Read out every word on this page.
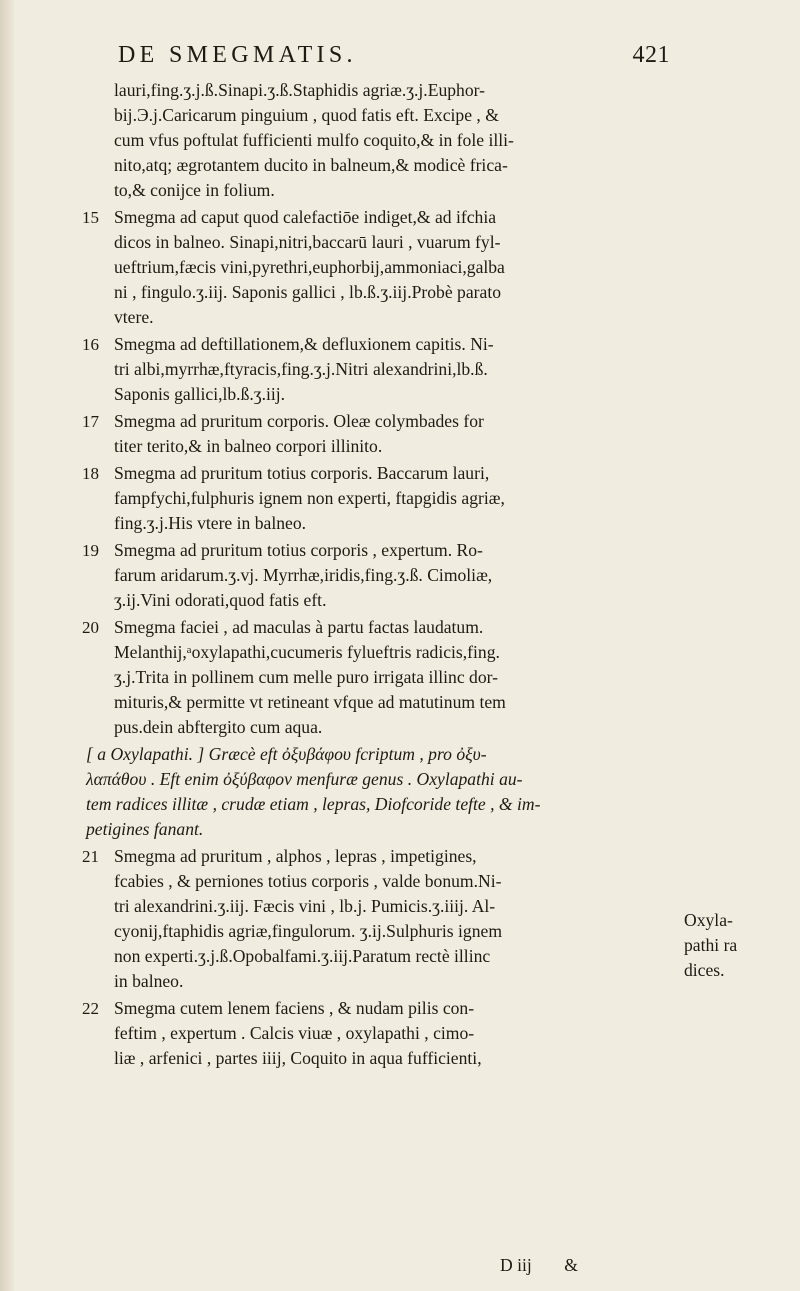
DE SMEGMATIS.	421
lauri,fing.ʒ.j.ß.Sinapi.ʒ.ß.Staphidis agriæ.ʒ.j.Euphor-
bij.Э.j.Caricarum pinguium , quod fatis eft. Excipe , &
cum vfus poftulat fufficienti mulfo coquito,& in fole illi-
nito,atq; ægrotantem ducito in balneum,& modicè frica-
to,& conijce in folium.
15 Smegma ad caput quod calefactiōe indiget,& ad ifchia
dicos in balneo. Sinapi,nitri,baccarū lauri , vuarum fyl-
ueftrium,fæcis vini,pyrethri,euphorbij,ammoniaci,galba
ni , fingulo.ʒ.iij. Saponis gallici , lb.ß.ʒ.iij.Probè parato
vtere.
16 Smegma ad deftillationem,& defluxionem capitis. Ni-
tri albi,myrrhæ,ftyracis,fing.ʒ.j.Nitri alexandrini,lb.ß.
Saponis gallici,lb.ß.ʒ.iij.
17 Smegma ad pruritum corporis. Oleæ colymbades for
titer terito,& in balneo corpori illinito.
18 Smegma ad pruritum totius corporis. Baccarum lauri,
fampfychi,fulphuris ignem non experti, ftapgidis agriæ,
fing.ʒ.j.His vtere in balneo.
19 Smegma ad pruritum totius corporis , expertum. Ro-
farum aridarum.ʒ.vj. Myrrhæ,iridis,fing.ʒ.ß. Cimoliæ,
ʒ.ij.Vini odorati,quod fatis eft.
20 Smegma faciei , ad maculas à partu factas laudatum.
Melanthij,ᵃoxylapathi,cucumeris fylueftris radicis,fing.
ʒ.j.Trita in pollinem cum melle puro irrigata illinc dor-
mituris,& permitte vt retineant vfque ad matutinum tem
pus.dein abftergito cum aqua.
[ a Oxylapathi. ] Græcè eft ὀξυβάφου fcriptum , pro ὀξυ-
λαπάθου . Eft enim ὀξύβαφον menfuræ genus . Oxylapathi au-
tem radices illitæ , crudæ etiam , lepras, Diofcoride tefte , & im-
petigines fanant.
21 Smegma ad pruritum , alphos , lepras , impetigines,
fcabies , & perniones totius corporis , valde bonum.Ni-
tri alexandrini.ʒ.iij. Fæcis vini , lb.j. Pumicis.ʒ.iiij. Al-
cyonij,ftaphidis agriæ,fingulorum. ʒ.ij.Sulphuris ignem
non experti.ʒ.j.ß.Opobalfami.ʒ.iij.Paratum rectè illinc
in balneo.
22 Smegma cutem lenem faciens , & nudam pilis con-
feftim , expertum . Calcis viuæ , oxylapathi , cimo-
liæ , arfenici , partes iiij, Coquito in aqua fufficienti,
Oxyla-
pathi ra
dices.
D iij &
